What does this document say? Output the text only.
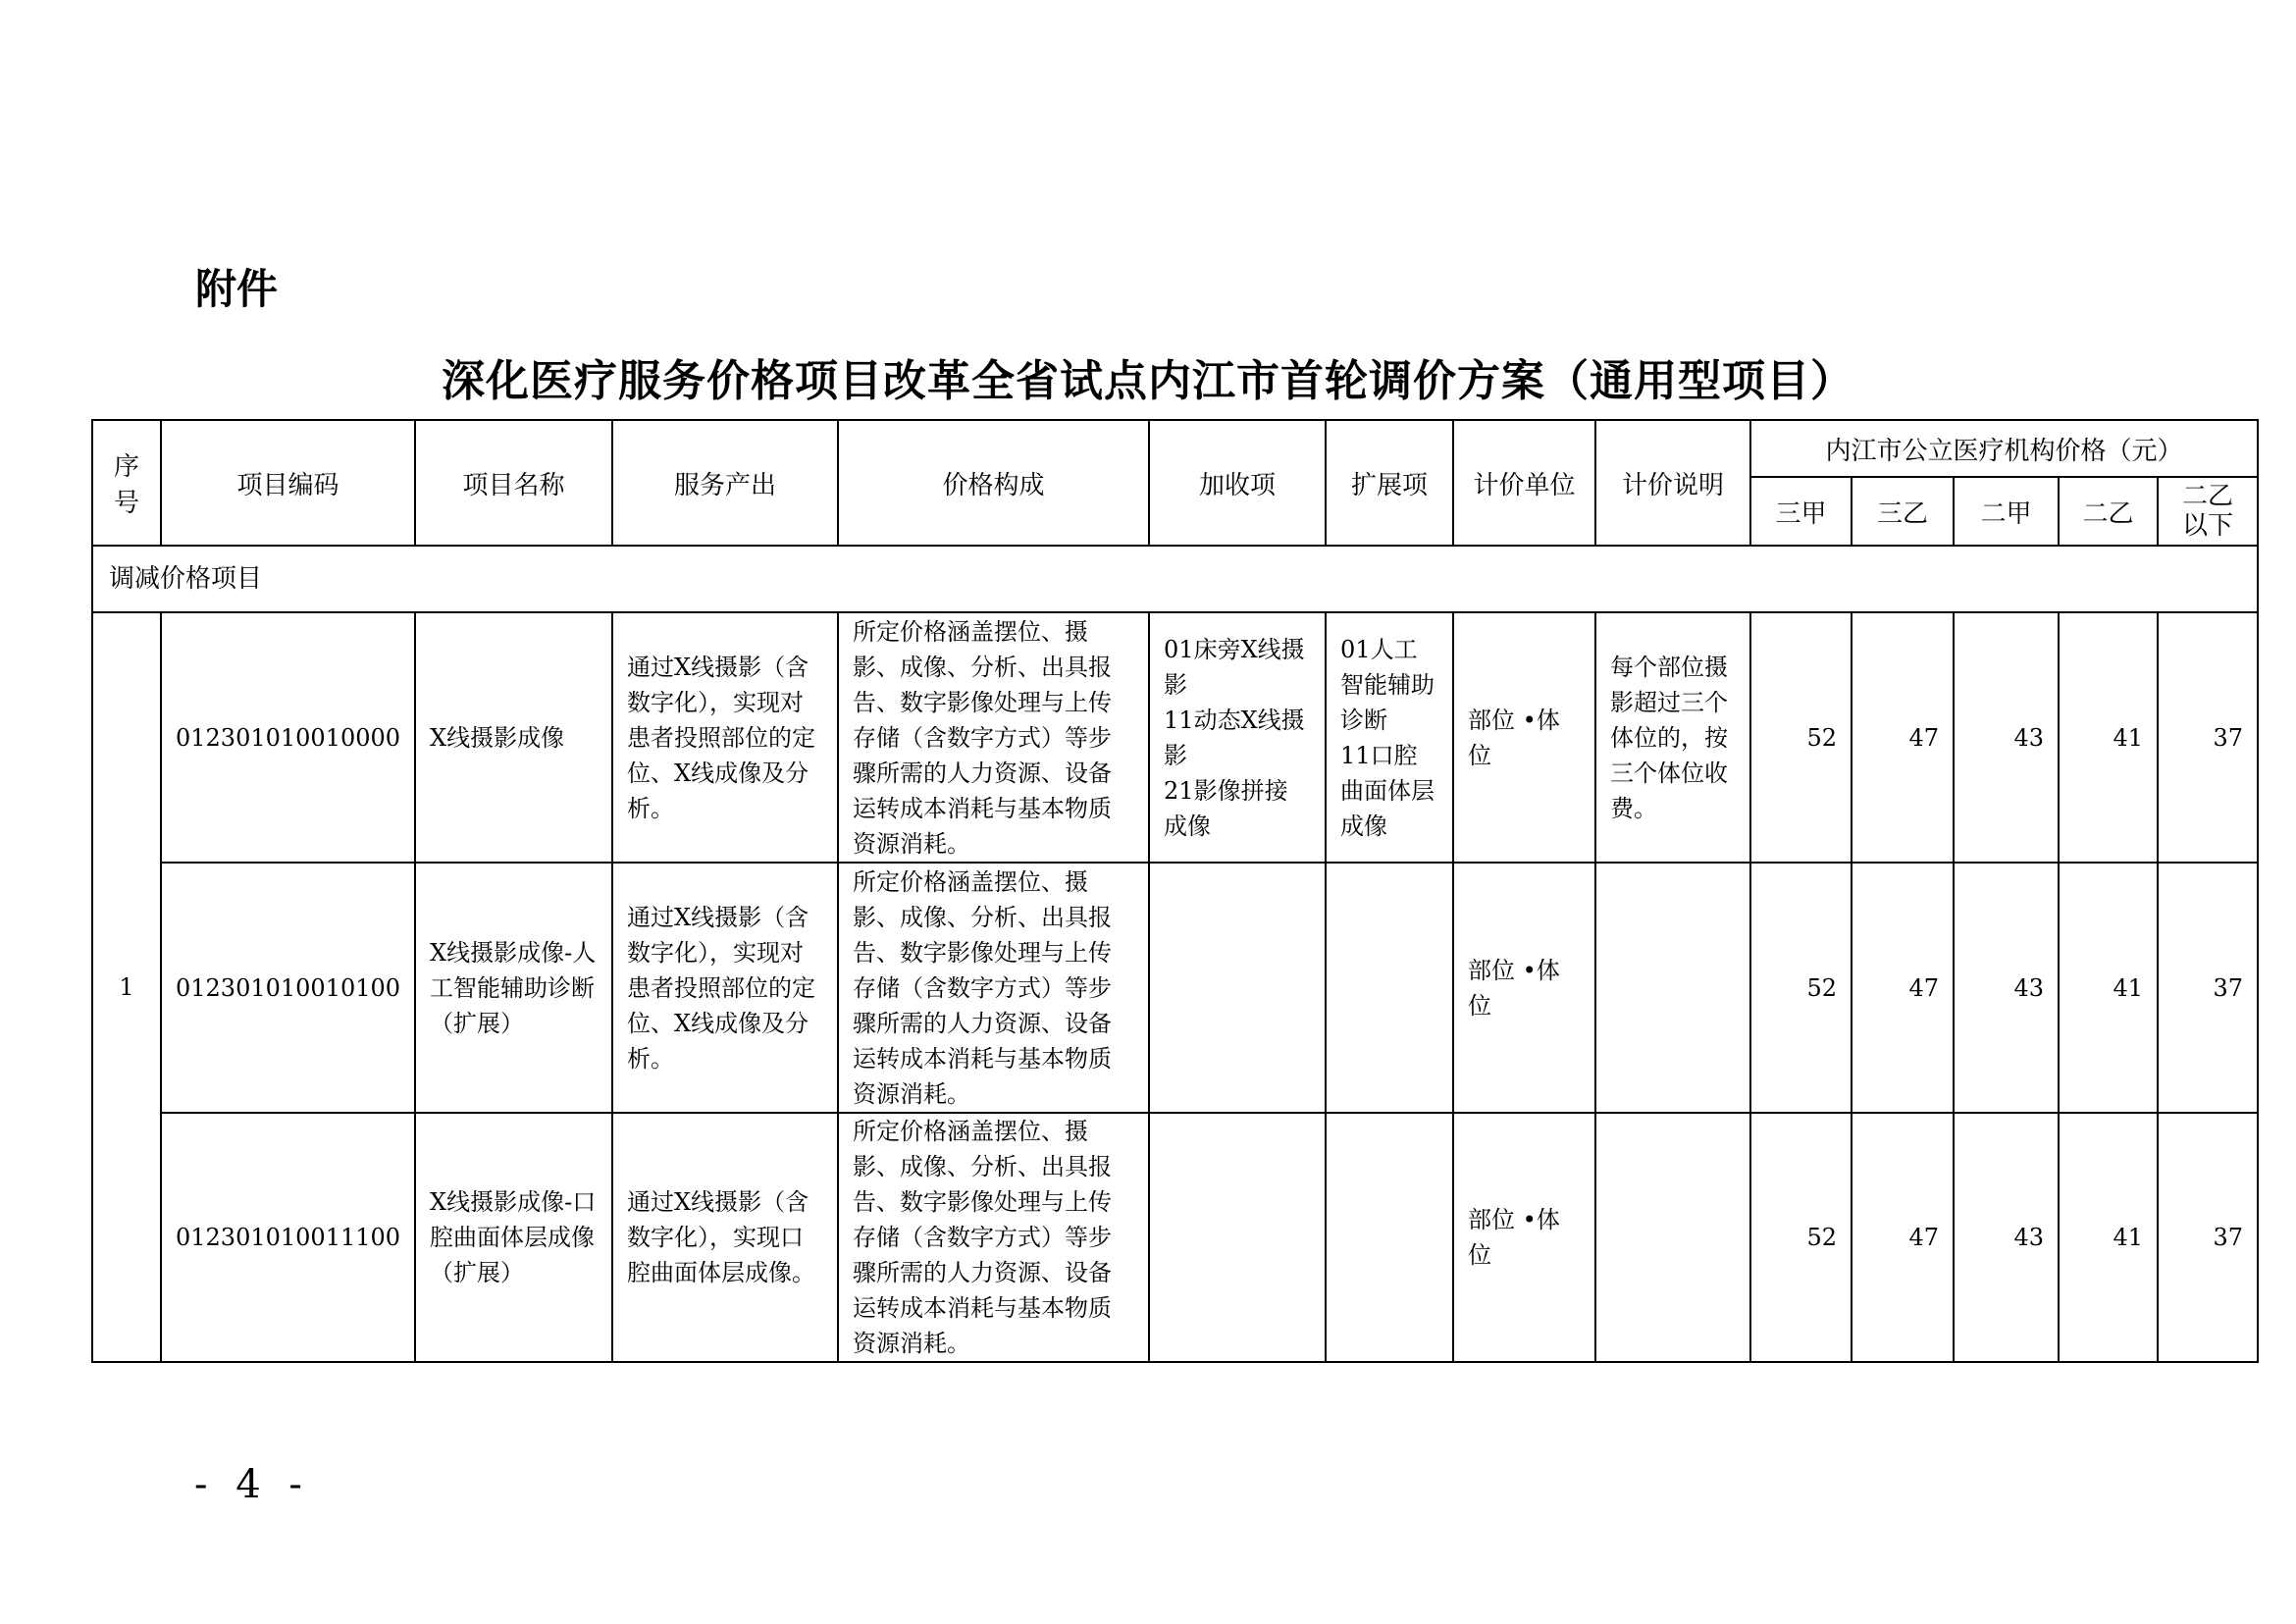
附件
深化医疗服务价格项目改革全省试点内江市首轮调价方案（通用型项目）
序
号	项目编码	项目名称	服务产出	价格构成	加收项	扩展项	计价单位	计价说明	内江市公立医疗机构价格（元）				
									三甲	三乙	二甲	二乙	二乙
以下

调减价格项目													
1	012301010010000	X线摄影成像	通过X线摄影（含数字化），实现对患者投照部位的定位、X线成像及分析。	所定价格涵盖摆位、摄影、成像、分析、出具报告、数字影像处理与上传存储（含数字方式）等步骤所需的人力资源、设备运转成本消耗与基本物质资源消耗。	01床旁X线摄影
11动态X线摄影
21影像拼接成像	01人工智能辅助诊断
11口腔曲面体层成像	部位 •体位	每个部位摄影超过三个体位的，按三个体位收费。	52	47	43	41	37
	012301010010100	X线摄影成像-人工智能辅助诊断（扩展）	通过X线摄影（含数字化），实现对患者投照部位的定位、X线成像及分析。	所定价格涵盖摆位、摄影、成像、分析、出具报告、数字影像处理与上传存储（含数字方式）等步骤所需的人力资源、设备运转成本消耗与基本物质资源消耗。			部位 •体位		52	47	43	41	37
	012301010011100	X线摄影成像-口腔曲面体层成像（扩展）	通过X线摄影（含数字化），实现口腔曲面体层成像。	所定价格涵盖摆位、摄影、成像、分析、出具报告、数字影像处理与上传存储（含数字方式）等步骤所需的人力资源、设备运转成本消耗与基本物质资源消耗。			部位 •体位		52	47	43	41	37
- 4 -
